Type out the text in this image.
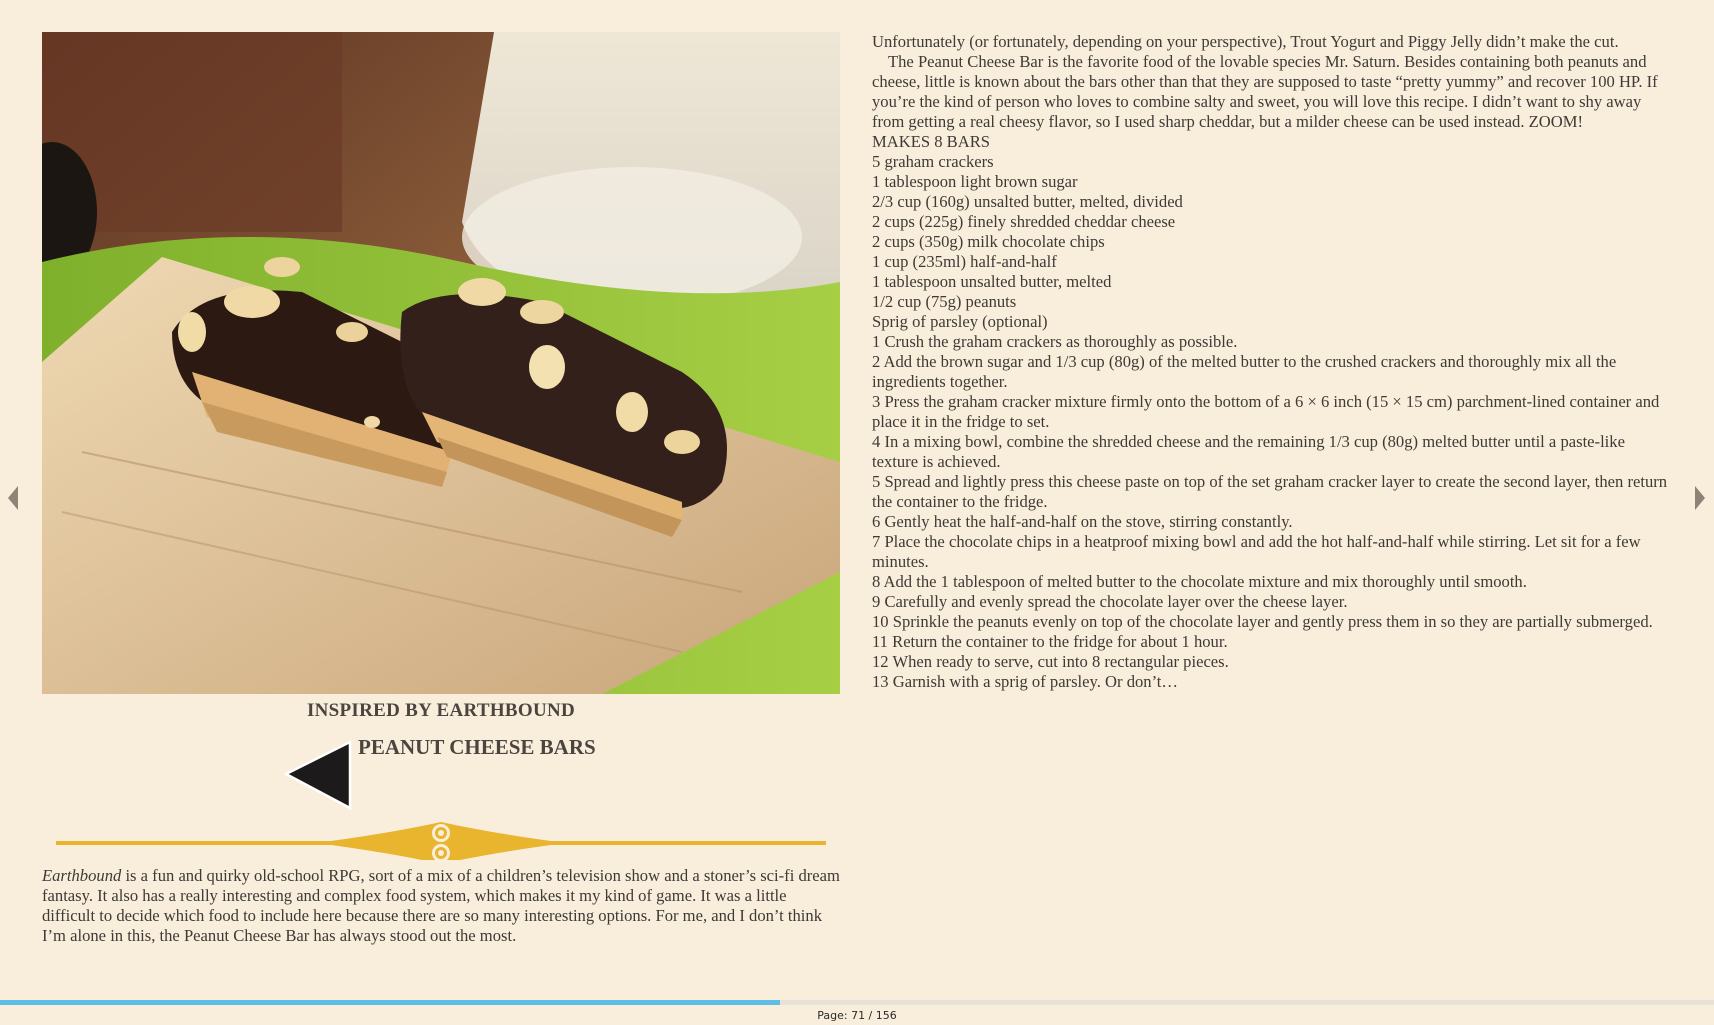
INSPIRED BY EARTHBOUND
PEANUT CHEESE BARS
Earthbound is a fun and quirky old-school RPG, sort of a mix of a children’s television show and a stoner’s sci-fi dream fantasy. It also has a really interesting and complex food system, which makes it my kind of game. It was a little difficult to decide which food to include here because there are so many interesting options. For me, and I don’t think I’m alone in this, the Peanut Cheese Bar has always stood out the most.

Unfortunately (or fortunately, depending on your perspective), Trout Yogurt and Piggy Jelly didn’t make the cut.

The Peanut Cheese Bar is the favorite food of the lovable species Mr. Saturn. Besides containing both peanuts and cheese, little is known about the bars other than that they are supposed to taste “pretty yummy” and recover 100 HP. If you’re the kind of person who loves to combine salty and sweet, you will love this recipe. I didn’t want to shy away from getting a real cheesy flavor, so I used sharp cheddar, but a milder cheese can be used instead. ZOOM!

MAKES 8 BARS

5 graham crackers

1 tablespoon light brown sugar

2/3 cup (160g) unsalted butter, melted, divided

2 cups (225g) finely shredded cheddar cheese

2 cups (350g) milk chocolate chips

1 cup (235ml) half-and-half

1 tablespoon unsalted butter, melted

1/2 cup (75g) peanuts

Sprig of parsley (optional)

1 Crush the graham crackers as thoroughly as possible.

2 Add the brown sugar and 1/3 cup (80g) of the melted butter to the crushed crackers and thoroughly mix all the ingredients together.

3 Press the graham cracker mixture firmly onto the bottom of a 6 × 6 inch (15 × 15 cm) parchment-lined container and place it in the fridge to set.

4 In a mixing bowl, combine the shredded cheese and the remaining 1/3 cup (80g) melted butter until a paste-like texture is achieved.

5 Spread and lightly press this cheese paste on top of the set graham cracker layer to create the second layer, then return the container to the fridge.

6 Gently heat the half-and-half on the stove, stirring constantly.

7 Place the chocolate chips in a heatproof mixing bowl and add the hot half-and-half while stirring. Let sit for a few minutes.

8 Add the 1 tablespoon of melted butter to the chocolate mixture and mix thoroughly until smooth.

9 Carefully and evenly spread the chocolate layer over the cheese layer.

10 Sprinkle the peanuts evenly on top of the chocolate layer and gently press them in so they are partially submerged.

11 Return the container to the fridge for about 1 hour.

12 When ready to serve, cut into 8 rectangular pieces.

13 Garnish with a sprig of parsley. Or don’t…

Page: 71 / 156
